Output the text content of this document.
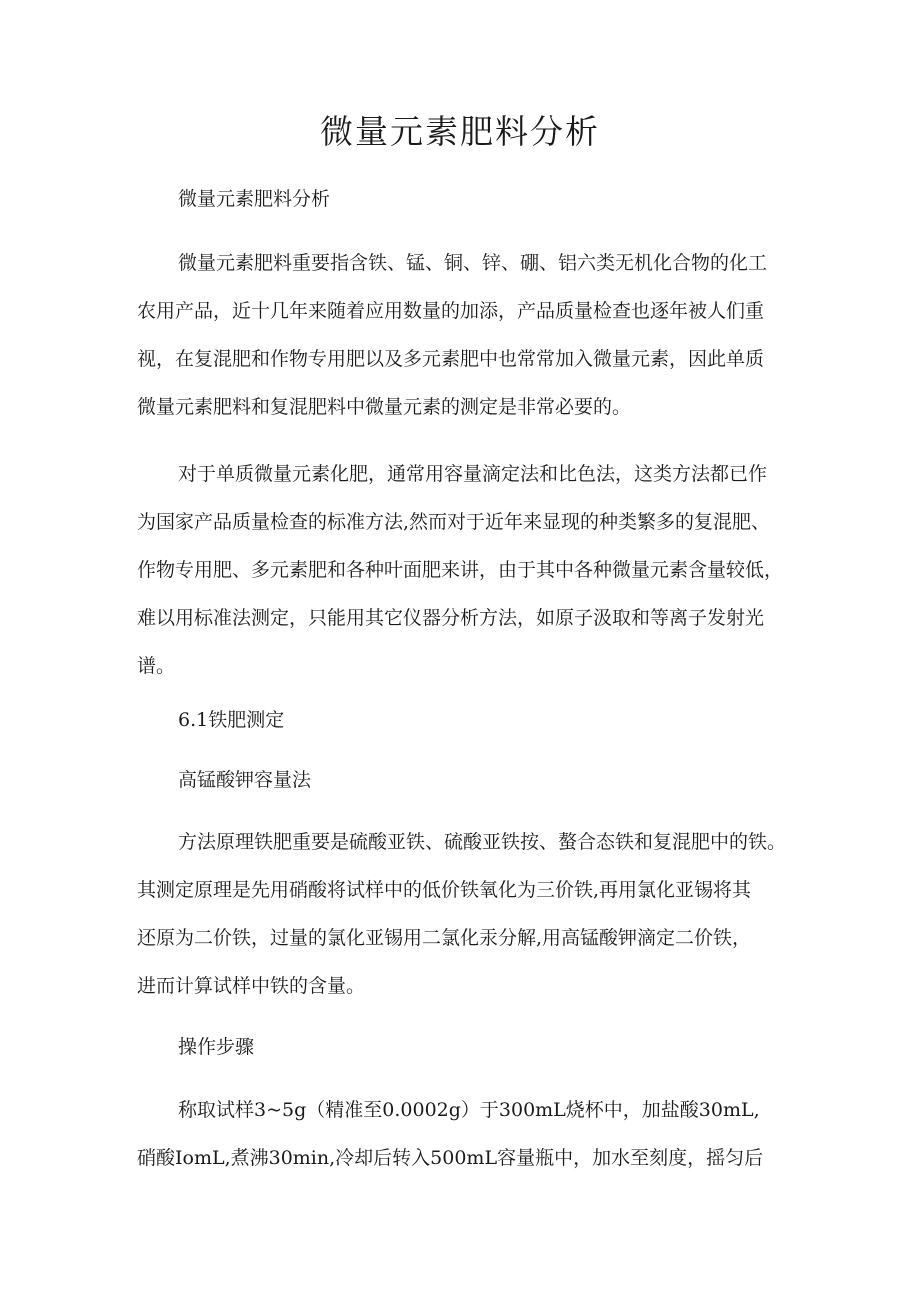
微量元素肥料分析
微量元素肥料分析
微量元素肥料重要指含铁、锰、铜、锌、硼、铝六类无机化合物的化工
农用产品，近十几年来随着应用数量的加添，产品质量检查也逐年被人们重
视，在复混肥和作物专用肥以及多元素肥中也常常加入微量元素，因此单质
微量元素肥料和复混肥料中微量元素的测定是非常必要的。
对于单质微量元素化肥，通常用容量滴定法和比色法，这类方法都已作
为国家产品质量检查的标准方法,然而对于近年来显现的种类繁多的复混肥、
作物专用肥、多元素肥和各种叶面肥来讲，由于其中各种微量元素含量较低，
难以用标准法测定，只能用其它仪器分析方法，如原子汲取和等离子发射光
谱。
6.1铁肥测定
高锰酸钾容量法
方法原理铁肥重要是硫酸亚铁、硫酸亚铁按、螯合态铁和复混肥中的铁。
其测定原理是先用硝酸将试样中的低价铁氧化为三价铁,再用氯化亚锡将其
还原为二价铁，过量的氯化亚锡用二氯化汞分解,用高锰酸钾滴定二价铁，
进而计算试样中铁的含量。
操作步骤
称取试样3~5g（精准至0.0002g）于300mL烧杯中，加盐酸30mL,
硝酸IomL,煮沸30min,冷却后转入500mL容量瓶中，加水至刻度，摇匀后
